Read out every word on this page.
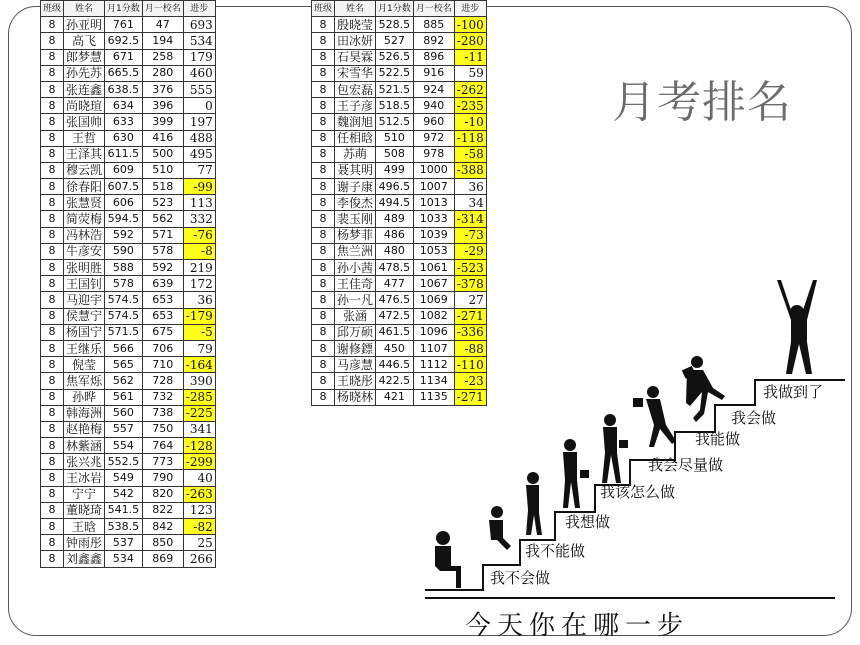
班级	姓名	月1分数	月一校名	进步
8	孙亚明	761	47	693
8	高飞	692.5	194	534
8	郎梦慧	671	258	179
8	孙先苏	665.5	280	460
8	张连鑫	638.5	376	555
8	尚晓瑄	634	396	0
8	张国帅	633	399	197
8	王哲	630	416	488
8	王泽其	611.5	500	495
8	穆云凯	609	510	77
8	徐春阳	607.5	518	-99
8	张慧贤	606	523	113
8	简荧梅	594.5	562	332
8	冯林浩	592	571	-76
8	牛彦安	590	578	-8
8	张明胜	588	592	219
8	王国钊	578	639	172
8	马迎宇	574.5	653	36
8	侯慧宁	574.5	653	-179
8	杨国宁	571.5	675	-5
8	王继乐	566	706	79
8	倪莹	565	710	-164
8	焦军烁	562	728	390
8	孙晔	561	732	-285
8	韩海洲	560	738	-225
8	赵艳梅	557	750	341
8	林紫涵	554	764	-128
8	张兴兆	552.5	773	-299
8	王冰岩	549	790	40
8	宁宁	542	820	-263
8	董晓琦	541.5	822	123
8	王晗	538.5	842	-82
8	钟雨彤	537	850	25
8	刘鑫鑫	534	869	266
班级	姓名	月1分数	月一校名	进步
8	殷晓莹	528.5	885	-100
8	田冰妍	527	892	-280
8	石昊霖	526.5	896	-11
8	宋雪华	522.5	916	59
8	包宏磊	521.5	924	-262
8	王子彦	518.5	940	-235
8	魏润旭	512.5	960	-10
8	任相晗	510	972	-118
8	苏萌	508	978	-58
8	聂其明	499	1000	-388
8	谢子康	496.5	1007	36
8	李俊杰	494.5	1013	34
8	裴玉刚	489	1033	-314
8	杨梦菲	486	1039	-73
8	焦兰洲	480	1053	-29
8	孙小茜	478.5	1061	-523
8	王佳奇	477	1067	-378
8	孙一凡	476.5	1069	27
8	张涵	472.5	1082	-271
8	邱万硕	461.5	1096	-336
8	谢修鏢	450	1107	-88
8	马彦慧	446.5	1112	-110
8	王晓彤	422.5	1134	-23
8	杨晓林	421	1135	-271
月考排名
我不会做
我不能做
我想做
我该怎么做
我会尽量做
我能做
我会做
我做到了
今天你在哪一步
